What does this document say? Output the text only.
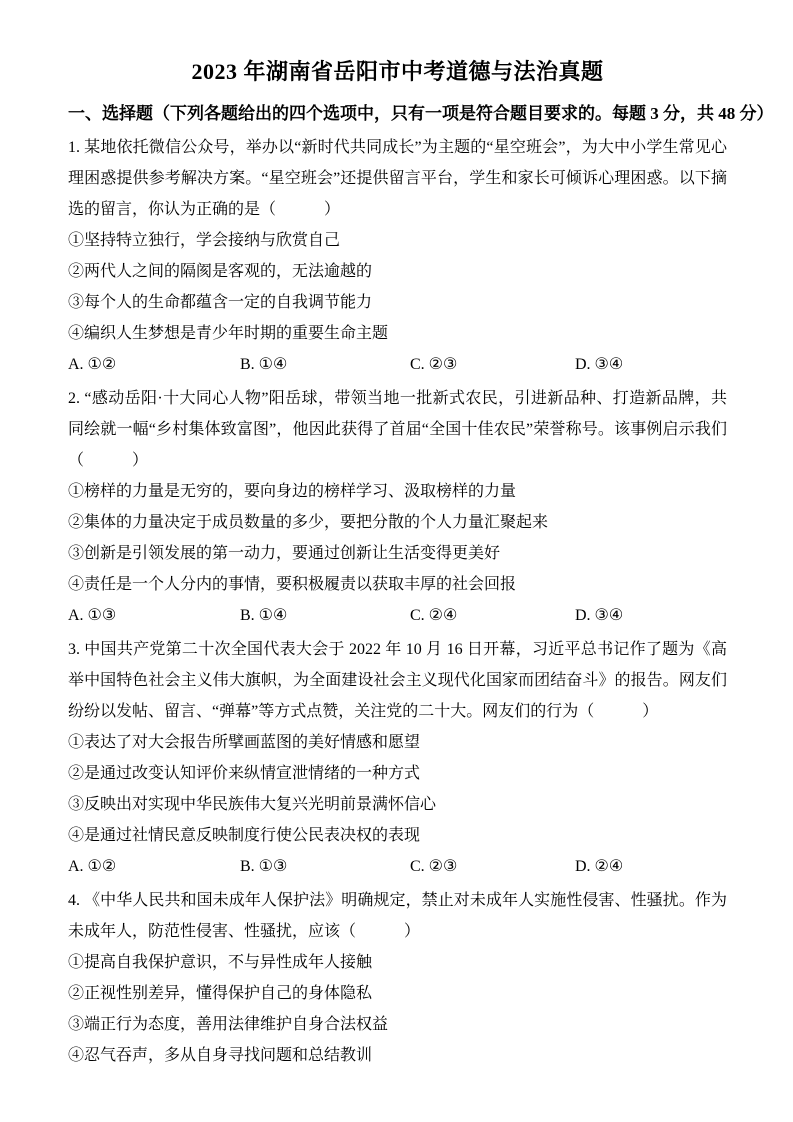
2023 年湖南省岳阳市中考道德与法治真题
一、选择题（下列各题给出的四个选项中，只有一项是符合题目要求的。每题 3 分，共 48 分）

1. 某地依托微信公众号，举办以“新时代共同成长”为主题的“星空班会”，为大中小学生常见心理困惑提供参考解决方案。“星空班会”还提供留言平台，学生和家长可倾诉心理困惑。以下摘选的留言，你认为正确的是（　　　）

①坚持特立独行，学会接纳与欣赏自己

②两代人之间的隔阂是客观的，无法逾越的

③每个人的生命都蕴含一定的自我调节能力

④编织人生梦想是青少年时期的重要生命主题

A. ①②	B. ①④	C. ②③	D. ③④

2. “感动岳阳·十大同心人物”阳岳球，带领当地一批新式农民，引进新品种、打造新品牌，共同绘就一幅“乡村集体致富图”，他因此获得了首届“全国十佳农民”荣誉称号。该事例启示我们（　　　）

①榜样的力量是无穷的，要向身边的榜样学习、汲取榜样的力量

②集体的力量决定于成员数量的多少，要把分散的个人力量汇聚起来

③创新是引领发展的第一动力，要通过创新让生活变得更美好

④责任是一个人分内的事情，要积极履责以获取丰厚的社会回报

A. ①③	B. ①④	C. ②④	D. ③④

3. 中国共产党第二十次全国代表大会于 2022 年 10 月 16 日开幕，习近平总书记作了题为《高举中国特色社会主义伟大旗帜，为全面建设社会主义现代化国家而团结奋斗》的报告。网友们纷纷以发帖、留言、“弹幕”等方式点赞，关注党的二十大。网友们的行为（　　　）

①表达了对大会报告所擘画蓝图的美好情感和愿望

②是通过改变认知评价来纵情宣泄情绪的一种方式

③反映出对实现中华民族伟大复兴光明前景满怀信心

④是通过社情民意反映制度行使公民表决权的表现

A. ①②	B. ①③	C. ②③	D. ②④

4. 《中华人民共和国未成年人保护法》明确规定，禁止对未成年人实施性侵害、性骚扰。作为未成年人，防范性侵害、性骚扰，应该（　　　）

①提高自我保护意识，不与异性成年人接触

②正视性别差异，懂得保护自己的身体隐私

③端正行为态度，善用法律维护自身合法权益

④忍气吞声，多从自身寻找问题和总结教训
